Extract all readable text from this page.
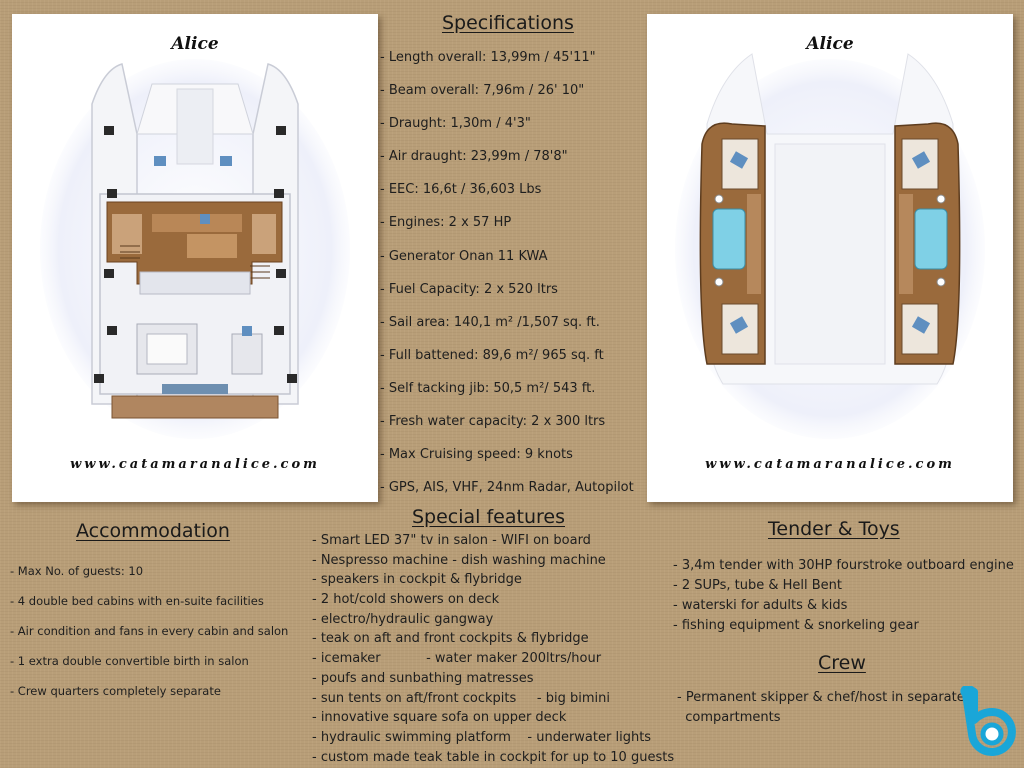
Alice
www.catamaranalice.com
Specifications
- Length overall: 13,99m / 45'11"
- Beam overall: 7,96m / 26' 10"
- Draught: 1,30m / 4'3"
- Air draught: 23,99m / 78'8"
- EEC: 16,6t / 36,603 Lbs
- Engines: 2 x 57 HP
- Generator Onan 11 KWA
- Fuel Capacity: 2 x 520 ltrs
- Sail area: 140,1 m² /1,507 sq. ft.
- Full battened: 89,6 m²/ 965 sq. ft
- Self tacking jib: 50,5 m²/ 543 ft.
- Fresh water capacity: 2 x 300 ltrs
- Max Cruising speed: 9 knots
- GPS, AIS, VHF, 24nm Radar, Autopilot
Alice
www.catamaranalice.com
Accommodation
- Max No. of guests: 10
- 4 double bed cabins with en-suite facilities
- Air condition and fans in every cabin and salon
- 1 extra double convertible birth in salon
- Crew quarters completely separate
Special features
- Smart LED 37" tv in salon - WIFI on board
- Nespresso machine - dish washing machine
- speakers in cockpit & flybridge
- 2 hot/cold showers on deck
- electro/hydraulic gangway
- teak on aft and front cockpits & flybridge
- icemaker           - water maker 200ltrs/hour
- poufs and sunbathing matresses
- sun tents on aft/front cockpits     - big bimini
- innovative square sofa on upper deck
- hydraulic swimming platform    - underwater lights
- custom made teak table in cockpit for up to 10 guests
Tender & Toys
- 3,4m tender with 30HP fourstroke outboard engine
- 2 SUPs, tube & Hell Bent
- waterski for adults & kids
- fishing equipment & snorkeling gear
Crew
- Permanent skipper & chef/host in separate
compartments
